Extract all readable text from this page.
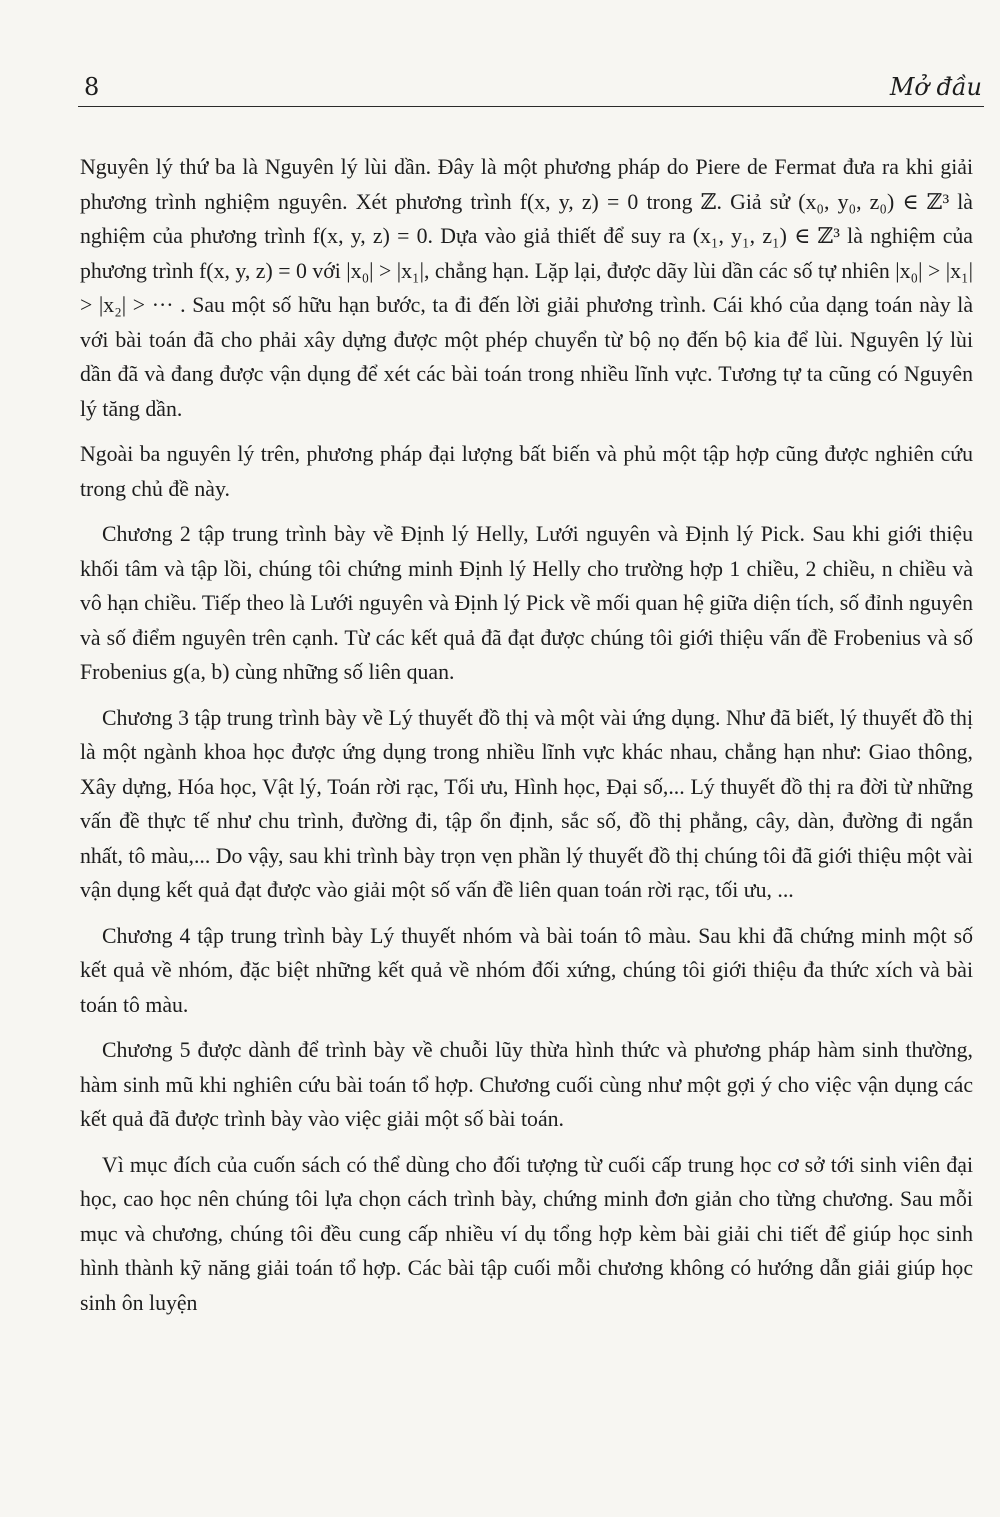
8	Mở đầu

Nguyên lý thứ ba là Nguyên lý lùi dần. Đây là một phương pháp do Piere de Fermat đưa ra khi giải phương trình nghiệm nguyên. Xét phương trình f(x, y, z) = 0 trong ℤ. Giả sử (x₀, y₀, z₀) ∈ ℤ³ là nghiệm của phương trình f(x, y, z) = 0. Dựa vào giả thiết để suy ra (x₁, y₁, z₁) ∈ ℤ³ là nghiệm của phương trình f(x, y, z) = 0 với |x₀| > |x₁|, chẳng hạn. Lặp lại, được dãy lùi dần các số tự nhiên |x₀| > |x₁| > |x₂| > ··· . Sau một số hữu hạn bước, ta đi đến lời giải phương trình. Cái khó của dạng toán này là với bài toán đã cho phải xây dựng được một phép chuyển từ bộ nọ đến bộ kia để lùi. Nguyên lý lùi dần đã và đang được vận dụng để xét các bài toán trong nhiều lĩnh vực. Tương tự ta cũng có Nguyên lý tăng dần.

Ngoài ba nguyên lý trên, phương pháp đại lượng bất biến và phủ một tập hợp cũng được nghiên cứu trong chủ đề này.

Chương 2 tập trung trình bày về Định lý Helly, Lưới nguyên và Định lý Pick. Sau khi giới thiệu khối tâm và tập lồi, chúng tôi chứng minh Định lý Helly cho trường hợp 1 chiều, 2 chiều, n chiều và vô hạn chiều. Tiếp theo là Lưới nguyên và Định lý Pick về mối quan hệ giữa diện tích, số đỉnh nguyên và số điểm nguyên trên cạnh. Từ các kết quả đã đạt được chúng tôi giới thiệu vấn đề Frobenius và số Frobenius g(a, b) cùng những số liên quan.

Chương 3 tập trung trình bày về Lý thuyết đồ thị và một vài ứng dụng. Như đã biết, lý thuyết đồ thị là một ngành khoa học được ứng dụng trong nhiều lĩnh vực khác nhau, chẳng hạn như: Giao thông, Xây dựng, Hóa học, Vật lý, Toán rời rạc, Tối ưu, Hình học, Đại số,... Lý thuyết đồ thị ra đời từ những vấn đề thực tế như chu trình, đường đi, tập ổn định, sắc số, đồ thị phẳng, cây, dàn, đường đi ngắn nhất, tô màu,... Do vậy, sau khi trình bày trọn vẹn phần lý thuyết đồ thị chúng tôi đã giới thiệu một vài vận dụng kết quả đạt được vào giải một số vấn đề liên quan toán rời rạc, tối ưu, ...

Chương 4 tập trung trình bày Lý thuyết nhóm và bài toán tô màu. Sau khi đã chứng minh một số kết quả về nhóm, đặc biệt những kết quả về nhóm đối xứng, chúng tôi giới thiệu đa thức xích và bài toán tô màu.

Chương 5 được dành để trình bày về chuỗi lũy thừa hình thức và phương pháp hàm sinh thường, hàm sinh mũ khi nghiên cứu bài toán tổ hợp. Chương cuối cùng như một gợi ý cho việc vận dụng các kết quả đã được trình bày vào việc giải một số bài toán.

Vì mục đích của cuốn sách có thể dùng cho đối tượng từ cuối cấp trung học cơ sở tới sinh viên đại học, cao học nên chúng tôi lựa chọn cách trình bày, chứng minh đơn giản cho từng chương. Sau mỗi mục và chương, chúng tôi đều cung cấp nhiều ví dụ tổng hợp kèm bài giải chi tiết để giúp học sinh hình thành kỹ năng giải toán tổ hợp. Các bài tập cuối mỗi chương không có hướng dẫn giải giúp học sinh ôn luyện
